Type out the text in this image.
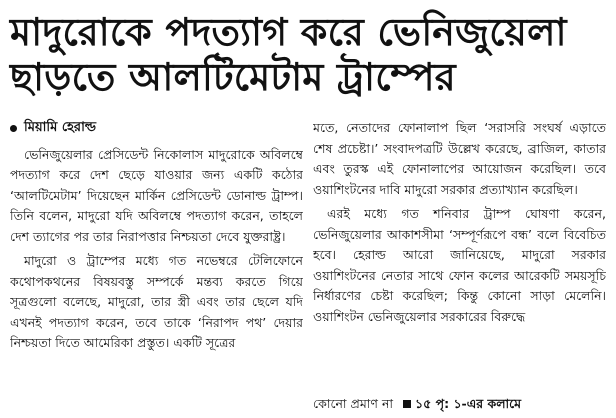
মাদুরোকে পদত্যাগ করে ভেনিজুয়েলা
ছাড়তে আলটিমেটাম ট্রাম্পের
মিয়ামি হেরাল্ড

ভেনিজুয়েলার প্রেসিডেন্ট নিকোলাস মাদুরোকে অবিলম্বে পদত্যাগ করে দেশ ছেড়ে যাওয়ার জন্য একটি কঠোর ‘আলটিমেটাম’ দিয়েছেন মার্কিন প্রেসিডেন্ট ডোনাল্ড ট্রাম্প। তিনি বলেন, মাদুরো যদি অবিলম্বে পদত্যাগ করেন, তাহলে দেশ ত্যাগের পর তার নিরাপত্তার নিশ্চয়তা দেবে যুক্তরাষ্ট্র।

মাদুরো ও ট্রাম্পের মধ্যে গত নভেম্বরে টেলিফোনে কথোপকথনের বিষয়বস্তু সম্পর্কে মন্তব্য করতে গিয়ে সূত্রগুলো বলেছে, মাদুরো, তার স্ত্রী এবং তার ছেলে যদি এখনই পদত্যাগ করেন, তবে তাকে ‘নিরাপদ পথ’ দেয়ার নিশ্চয়তা দিতে আমেরিকা প্রস্তুত। একটি সূত্রের

মতে, নেতাদের ফোনালাপ ছিল ‘সরাসরি সংঘর্ষ এড়াতে শেষ প্রচেষ্টা।’ সংবাদপত্রটি উল্লেখ করেছে, ব্রাজিল, কাতার এবং তুরস্ক এই ফোনালাপের আয়োজন করেছিল। তবে ওয়াশিংটনের দাবি মাদুরো সরকার প্রত্যাখ্যান করেছিল।

এরই মধ্যে গত শনিবার ট্রাম্প ঘোষণা করেন, ভেনিজুয়েলার আকাশসীমা ‘সম্পূর্ণরূপে বন্ধ’ বলে বিবেচিত হবে। হেরাল্ড আরো জানিয়েছে, মাদুরো সরকার ওয়াশিংটনের নেতার সাথে ফোন কলের আরেকটি সময়সূচি নির্ধারণের চেষ্টা করেছিল; কিন্তু কোনো সাড়া মেলেনি। ওয়াশিংটন ভেনিজুয়েলার সরকারের বিরুদ্ধে

কোনো প্রমাণ না ১৫ পৃ: ১-এর কলামে
